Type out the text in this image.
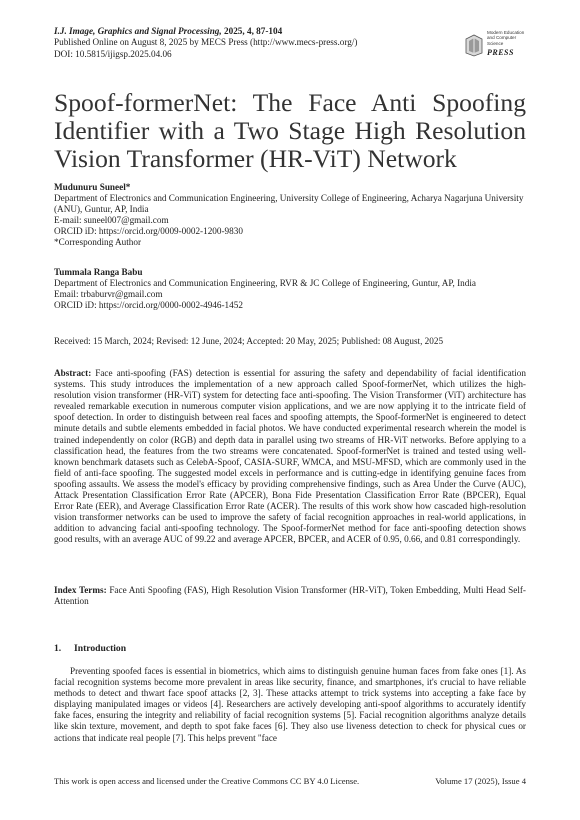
I.J. Image, Graphics and Signal Processing, 2025, 4, 87-104
Published Online on August 8, 2025 by MECS Press (http://www.mecs-press.org/)
DOI: 10.5815/ijigsp.2025.04.06
Modern Education and Computer Science
PRESS
Spoof-formerNet: The Face Anti Spoofing
Identifier with a Two Stage High Resolution
Vision Transformer (HR-ViT) Network
Mudunuru Suneel*
Department of Electronics and Communication Engineering, University College of Engineering, Acharya Nagarjuna University (ANU), Guntur, AP, India
E-mail: suneel007@gmail.com
ORCID iD: https://orcid.org/0009-0002-1200-9830
*Corresponding Author
Tummala Ranga Babu
Department of Electronics and Communication Engineering, RVR & JC College of Engineering, Guntur, AP, India
Email: trbaburvr@gmail.com
ORCID iD: https://orcid.org/0000-0002-4946-1452
Received: 15 March, 2024; Revised: 12 June, 2024; Accepted: 20 May, 2025; Published: 08 August, 2025
Abstract: Face anti-spoofing (FAS) detection is essential for assuring the safety and dependability of facial identification systems. This study introduces the implementation of a new approach called Spoof-formerNet, which utilizes the high-resolution vision transformer (HR-ViT) system for detecting face anti-spoofing. The Vision Transformer (ViT) architecture has revealed remarkable execution in numerous computer vision applications, and we are now applying it to the intricate field of spoof detection. In order to distinguish between real faces and spoofing attempts, the Spoof-formerNet is engineered to detect minute details and subtle elements embedded in facial photos. We have conducted experimental research wherein the model is trained independently on color (RGB) and depth data in parallel using two streams of HR-ViT networks. Before applying to a classification head, the features from the two streams were concatenated. Spoof-formerNet is trained and tested using well-known benchmark datasets such as CelebA-Spoof, CASIA-SURF, WMCA, and MSU-MFSD, which are commonly used in the field of anti-face spoofing. The suggested model excels in performance and is cutting-edge in identifying genuine faces from spoofing assaults. We assess the model's efficacy by providing comprehensive findings, such as Area Under the Curve (AUC), Attack Presentation Classification Error Rate (APCER), Bona Fide Presentation Classification Error Rate (BPCER), Equal Error Rate (EER), and Average Classification Error Rate (ACER). The results of this work show how cascaded high-resolution vision transformer networks can be used to improve the safety of facial recognition approaches in real-world applications, in addition to advancing facial anti-spoofing technology. The Spoof-formerNet method for face anti-spoofing detection shows good results, with an average AUC of 99.22 and average APCER, BPCER, and ACER of 0.95, 0.66, and 0.81 correspondingly.
Index Terms: Face Anti Spoofing (FAS), High Resolution Vision Transformer (HR-ViT), Token Embedding, Multi Head Self-Attention
1. Introduction
Preventing spoofed faces is essential in biometrics, which aims to distinguish genuine human faces from fake ones [1]. As facial recognition systems become more prevalent in areas like security, finance, and smartphones, it's crucial to have reliable methods to detect and thwart face spoof attacks [2, 3]. These attacks attempt to trick systems into accepting a fake face by displaying manipulated images or videos [4]. Researchers are actively developing anti-spoof algorithms to accurately identify fake faces, ensuring the integrity and reliability of facial recognition systems [5]. Facial recognition algorithms analyze details like skin texture, movement, and depth to spot fake faces [6]. They also use liveness detection to check for physical cues or actions that indicate real people [7]. This helps prevent "face
This work is open access and licensed under the Creative Commons CC BY 4.0 License.	Volume 17 (2025), Issue 4
